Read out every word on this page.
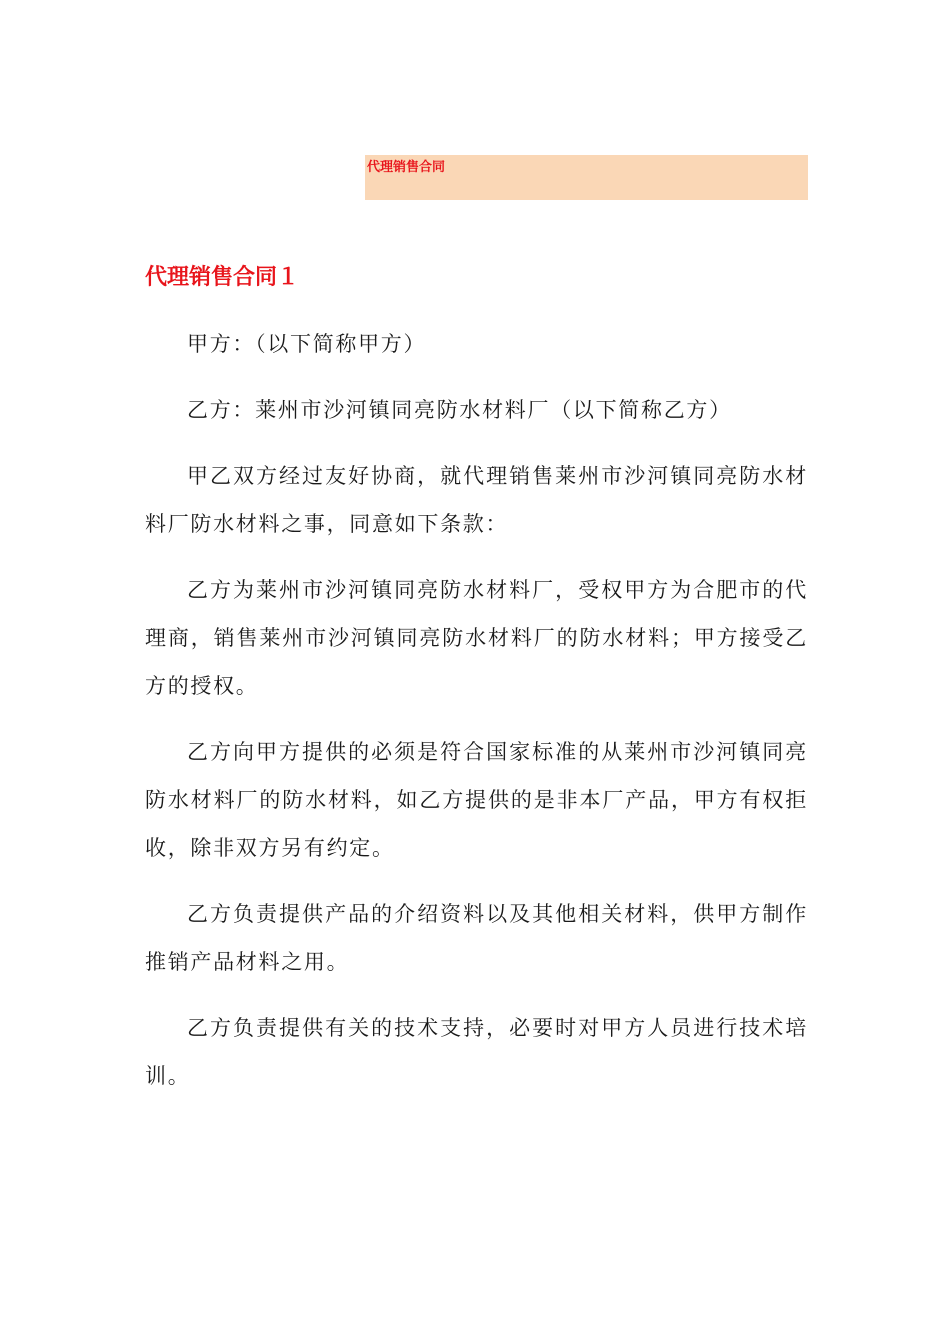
代理销售合同
代理销售合同１

甲方：（以下简称甲方）

乙方：莱州市沙河镇同亮防水材料厂（以下简称乙方）

甲乙双方经过友好协商，就代理销售莱州市沙河镇同亮防水材料厂防水材料之事，同意如下条款：

乙方为莱州市沙河镇同亮防水材料厂，受权甲方为合肥市的代理商，销售莱州市沙河镇同亮防水材料厂的防水材料；甲方接受乙方的授权。

乙方向甲方提供的必须是符合国家标准的从莱州市沙河镇同亮防水材料厂的防水材料，如乙方提供的是非本厂产品，甲方有权拒收，除非双方另有约定。

乙方负责提供产品的介绍资料以及其他相关材料，供甲方制作推销产品材料之用。

乙方负责提供有关的技术支持，必要时对甲方人员进行技术培训。
